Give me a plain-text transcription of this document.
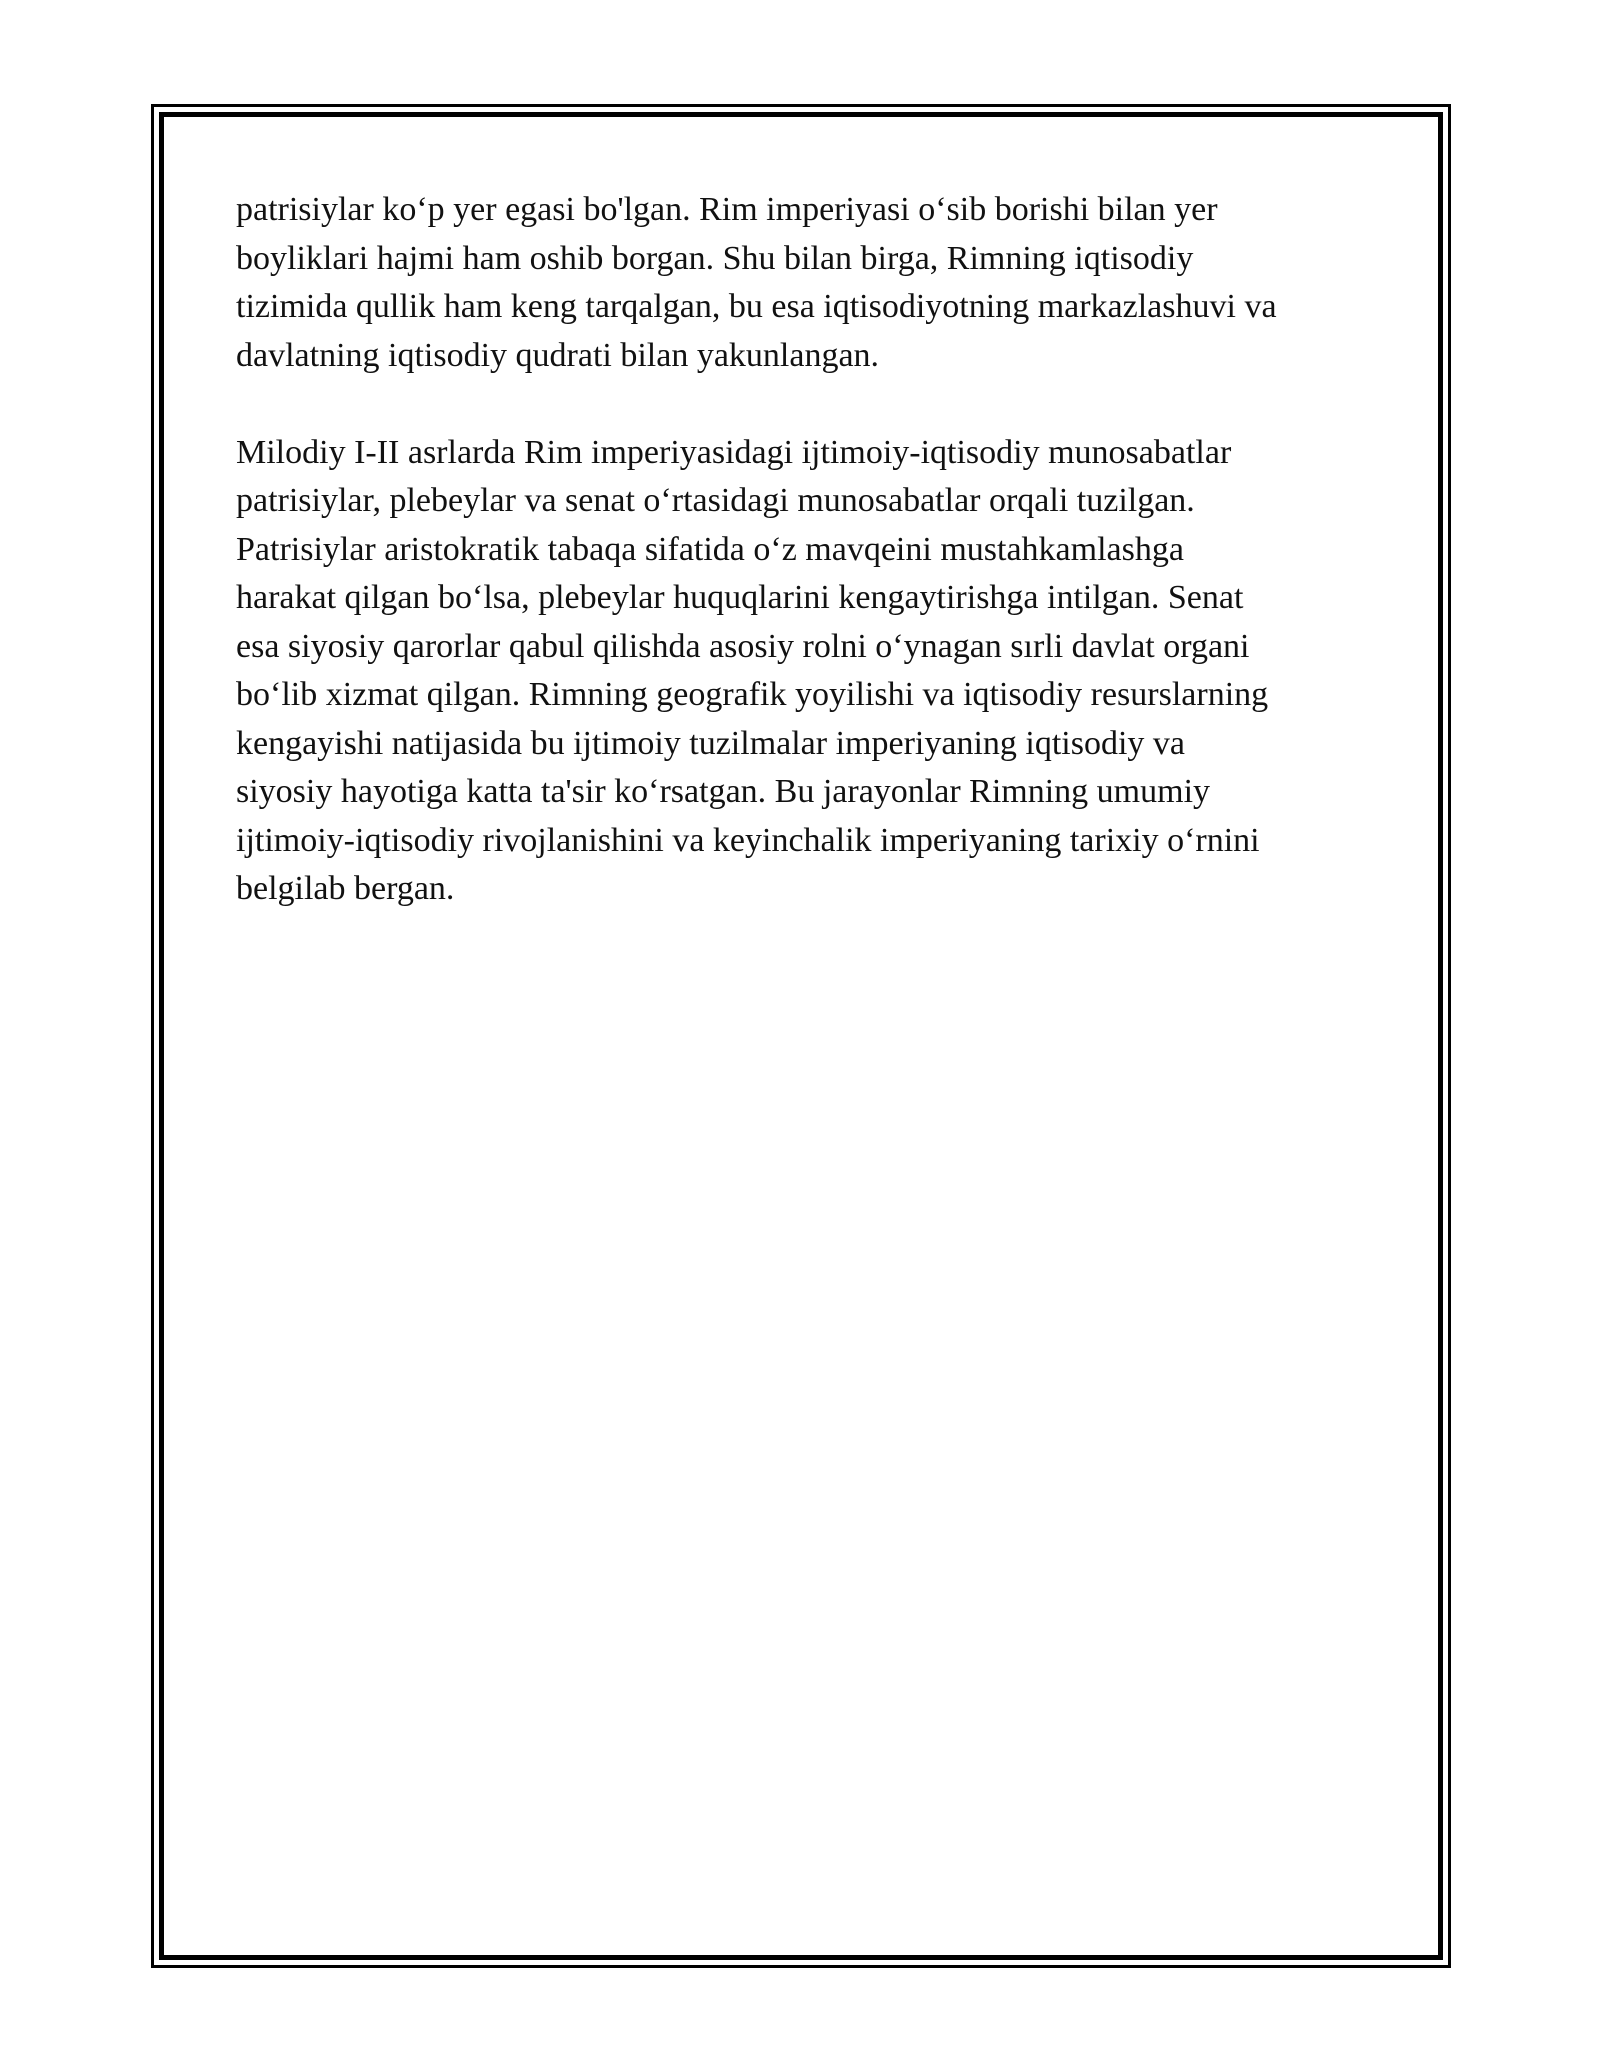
patrisiylar ko‘p yer egasi bo'lgan. Rim imperiyasi o‘sib borishi bilan yer
boyliklari hajmi ham oshib borgan. Shu bilan birga, Rimning iqtisodiy
tizimida qullik ham keng tarqalgan, bu esa iqtisodiyotning markazlashuvi va
davlatning iqtisodiy qudrati bilan yakunlangan.

Milodiy I-II asrlarda Rim imperiyasidagi ijtimoiy-iqtisodiy munosabatlar
patrisiylar, plebeylar va senat o‘rtasidagi munosabatlar orqali tuzilgan.
Patrisiylar aristokratik tabaqa sifatida o‘z mavqeini mustahkamlashga
harakat qilgan bo‘lsa, plebeylar huquqlarini kengaytirishga intilgan. Senat
esa siyosiy qarorlar qabul qilishda asosiy rolni o‘ynagan sırli davlat organi
bo‘lib xizmat qilgan. Rimning geografik yoyilishi va iqtisodiy resurslarning
kengayishi natijasida bu ijtimoiy tuzilmalar imperiyaning iqtisodiy va
siyosiy hayotiga katta ta'sir ko‘rsatgan. Bu jarayonlar Rimning umumiy
ijtimoiy-iqtisodiy rivojlanishini va keyinchalik imperiyaning tarixiy o‘rnini
belgilab bergan.
